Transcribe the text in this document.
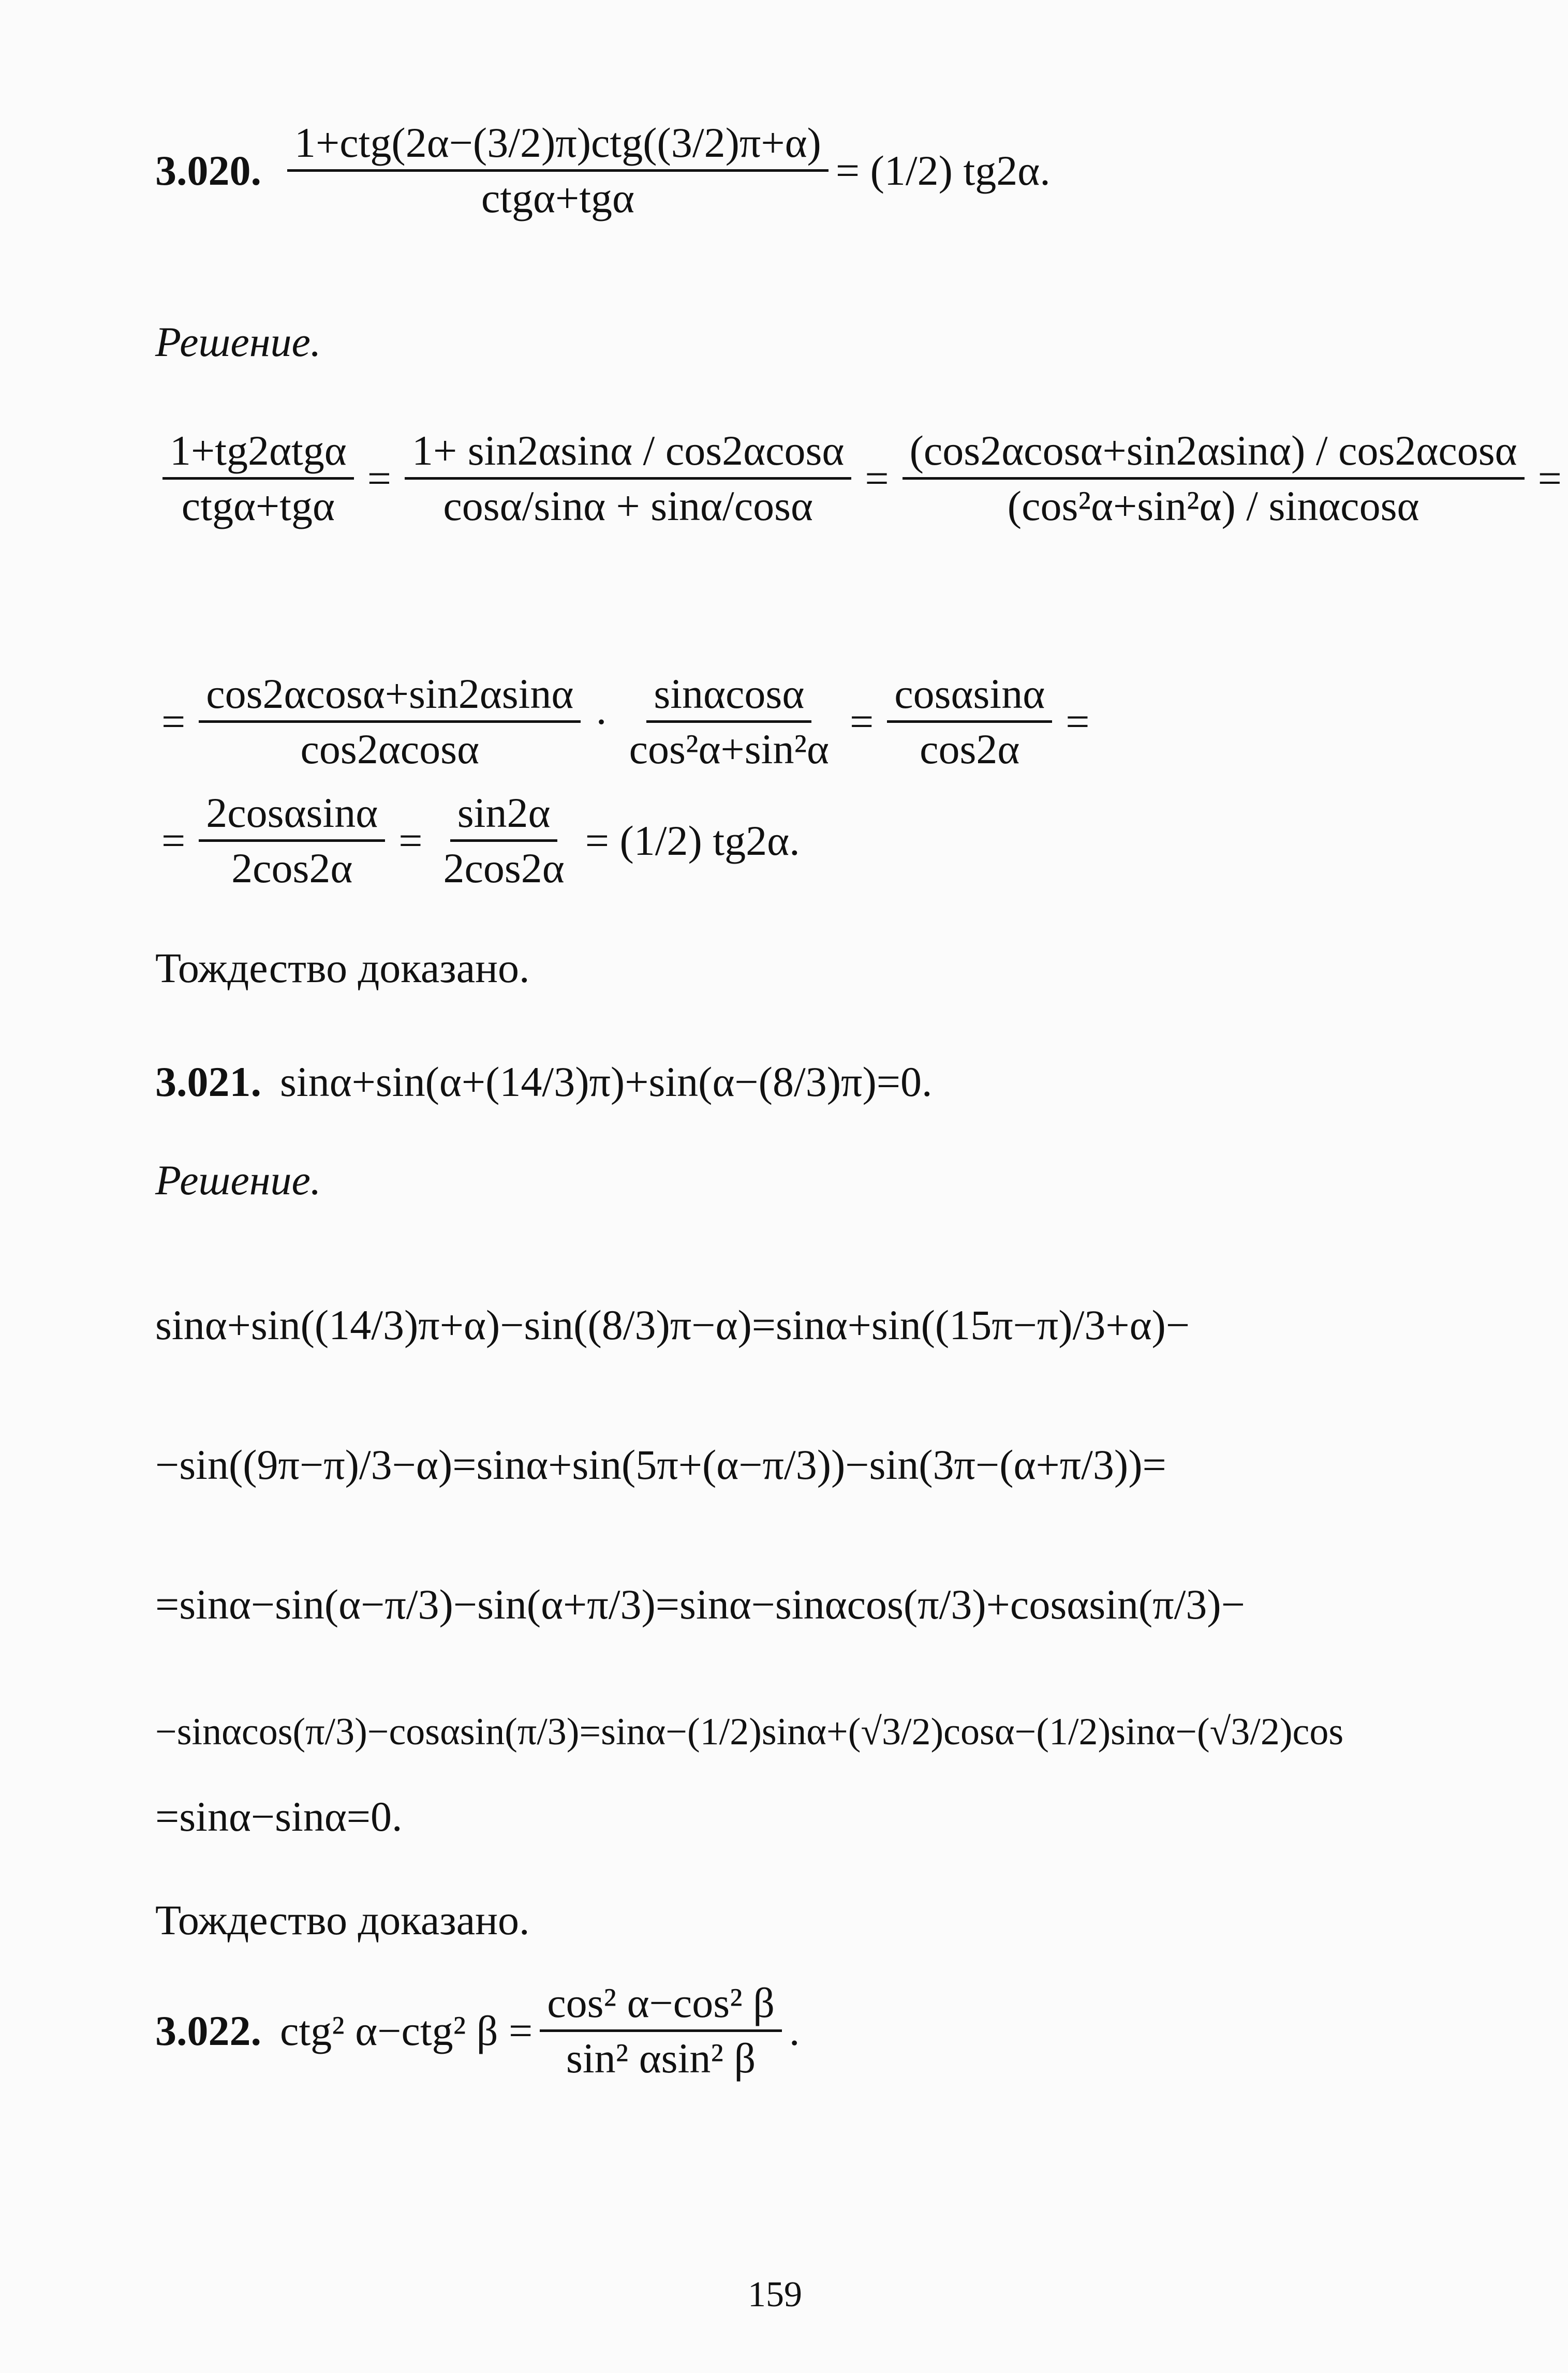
3.020. $\frac{\text{1+ctg(2α−(3/2)π)ctg((3/2)π+α)}}{\text{ctgα+tgα}} = (1/2)$ tg2α.
Решение.
$\frac{\text{1+tg2αtgα}}{\text{ctgα+tgα}} = \frac{1+ \sin 2\alpha\sin\alpha / \cos 2\alpha\cos\alpha}{\cos\alpha/\sin\alpha + \sin\alpha/\cos\alpha} = \frac{(\cos 2\alpha\cos\alpha+\sin 2\alpha\sin\alpha) / \cos 2\alpha\cos\alpha}{\text{(cos²α+sin²α) / sinαcosα}}$ =
= $\frac{\cos 2\alpha\cos\alpha+\sin 2\alpha\sin\alpha}{\cos 2\alpha\cos\alpha} \cdot \frac{\sin\alpha\cos\alpha}{\text{cos²α+sin²α}} = \frac{\cos\alpha\sin\alpha}{\cos 2\alpha}$ =
= $\frac{2\cos\alpha\sin\alpha}{2\cos 2\alpha} = \frac{\sin 2\alpha}{2\cos 2\alpha} = (1/2)$ tg2α.
Тождество доказано.
3.021. sinα+sin(α+(14/3)π)+sin(α−(8/3)π)=0.
Решение.
sinα+sin((14/3)π+α)−sin((8/3)π−α)=sinα+sin((15π−π)/3+α)−
−sin((9π−π)/3−α)=sinα+sin(5π+(α−π/3))−sin(3π−(α+π/3))=
=sinα−sin(α−π/3)−sin(α+π/3)=sinα−sinαcos(π/3)+cosαsin(π/3)−
−sinαcos(π/3)−cosαsin(π/3)=sinα−(1/2)sinα+(√3/2)cosα−(1/2)sinα−(√3/2)cos
=sinα−sinα=0.
Тождество доказано.
3.022. ctg² α−ctg² $\beta = \frac{\text{cos² α−cos² β}}{\text{sin² αsin² β}}$ .
159
